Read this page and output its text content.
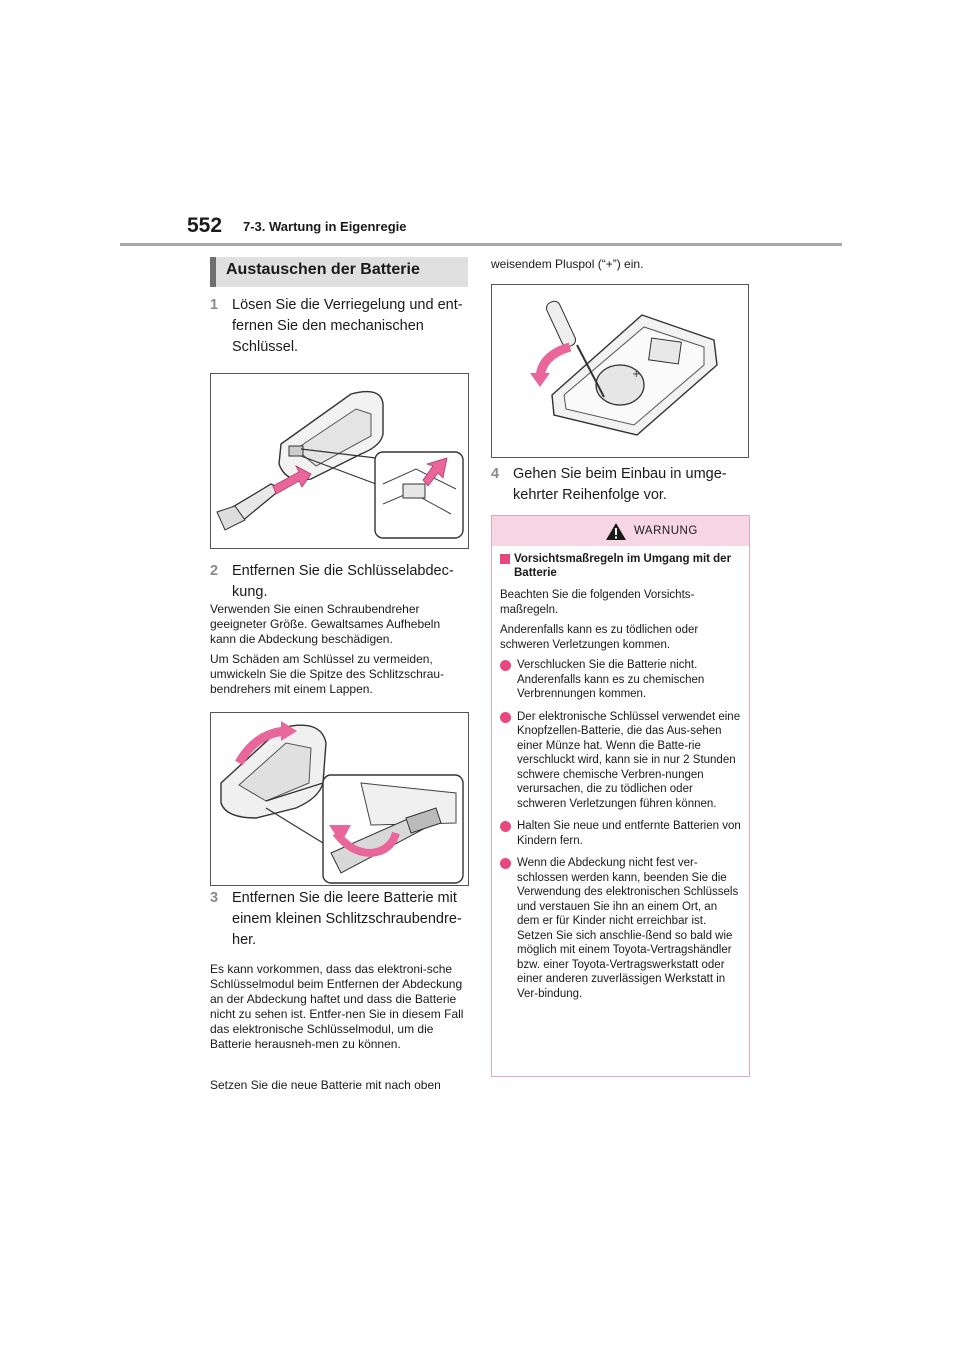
552 7-3. Wartung in Eigenregie
Austauschen der Batterie
1 Lösen Sie die Verriegelung und ent-fernen Sie den mechanischen Schlüssel.
2 Entfernen Sie die Schlüsselabdec-kung.
Verwenden Sie einen Schraubendreher geeigneter Größe. Gewaltsames Aufhebeln kann die Abdeckung beschädigen.
Um Schäden am Schlüssel zu vermeiden, umwickeln Sie die Spitze des Schlitzschrau-bendrehers mit einem Lappen.
3 Entfernen Sie die leere Batterie mit einem kleinen Schlitzschraubendre-her.
Es kann vorkommen, dass das elektroni-sche Schlüsselmodul beim Entfernen der Abdeckung an der Abdeckung haftet und dass die Batterie nicht zu sehen ist. Entfer-nen Sie in diesem Fall das elektronische Schlüsselmodul, um die Batterie herausneh-men zu können.
Setzen Sie die neue Batterie mit nach oben
weisendem Pluspol (“+”) ein.
+
4 Gehen Sie beim Einbau in umge-kehrter Reihenfolge vor.
WARNUNG
Vorsichtsmaßregeln im Umgang mit der Batterie
Beachten Sie die folgenden Vorsichts-maßregeln.
Anderenfalls kann es zu tödlichen oder schweren Verletzungen kommen.
Verschlucken Sie die Batterie nicht. Anderenfalls kann es zu chemischen Verbrennungen kommen.
Der elektronische Schlüssel verwendet eine Knopfzellen-Batterie, die das Aus-sehen einer Münze hat. Wenn die Batte-rie verschluckt wird, kann sie in nur 2 Stunden schwere chemische Verbren-nungen verursachen, die zu tödlichen oder schweren Verletzungen führen können.
Halten Sie neue und entfernte Batterien von Kindern fern.
Wenn die Abdeckung nicht fest ver-schlossen werden kann, beenden Sie die Verwendung des elektronischen Schlüssels und verstauen Sie ihn an einem Ort, an dem er für Kinder nicht erreichbar ist. Setzen Sie sich anschlie-ßend so bald wie möglich mit einem Toyota-Vertragshändler bzw. einer Toyota-Vertragswerkstatt oder einer anderen zuverlässigen Werkstatt in Ver-bindung.
